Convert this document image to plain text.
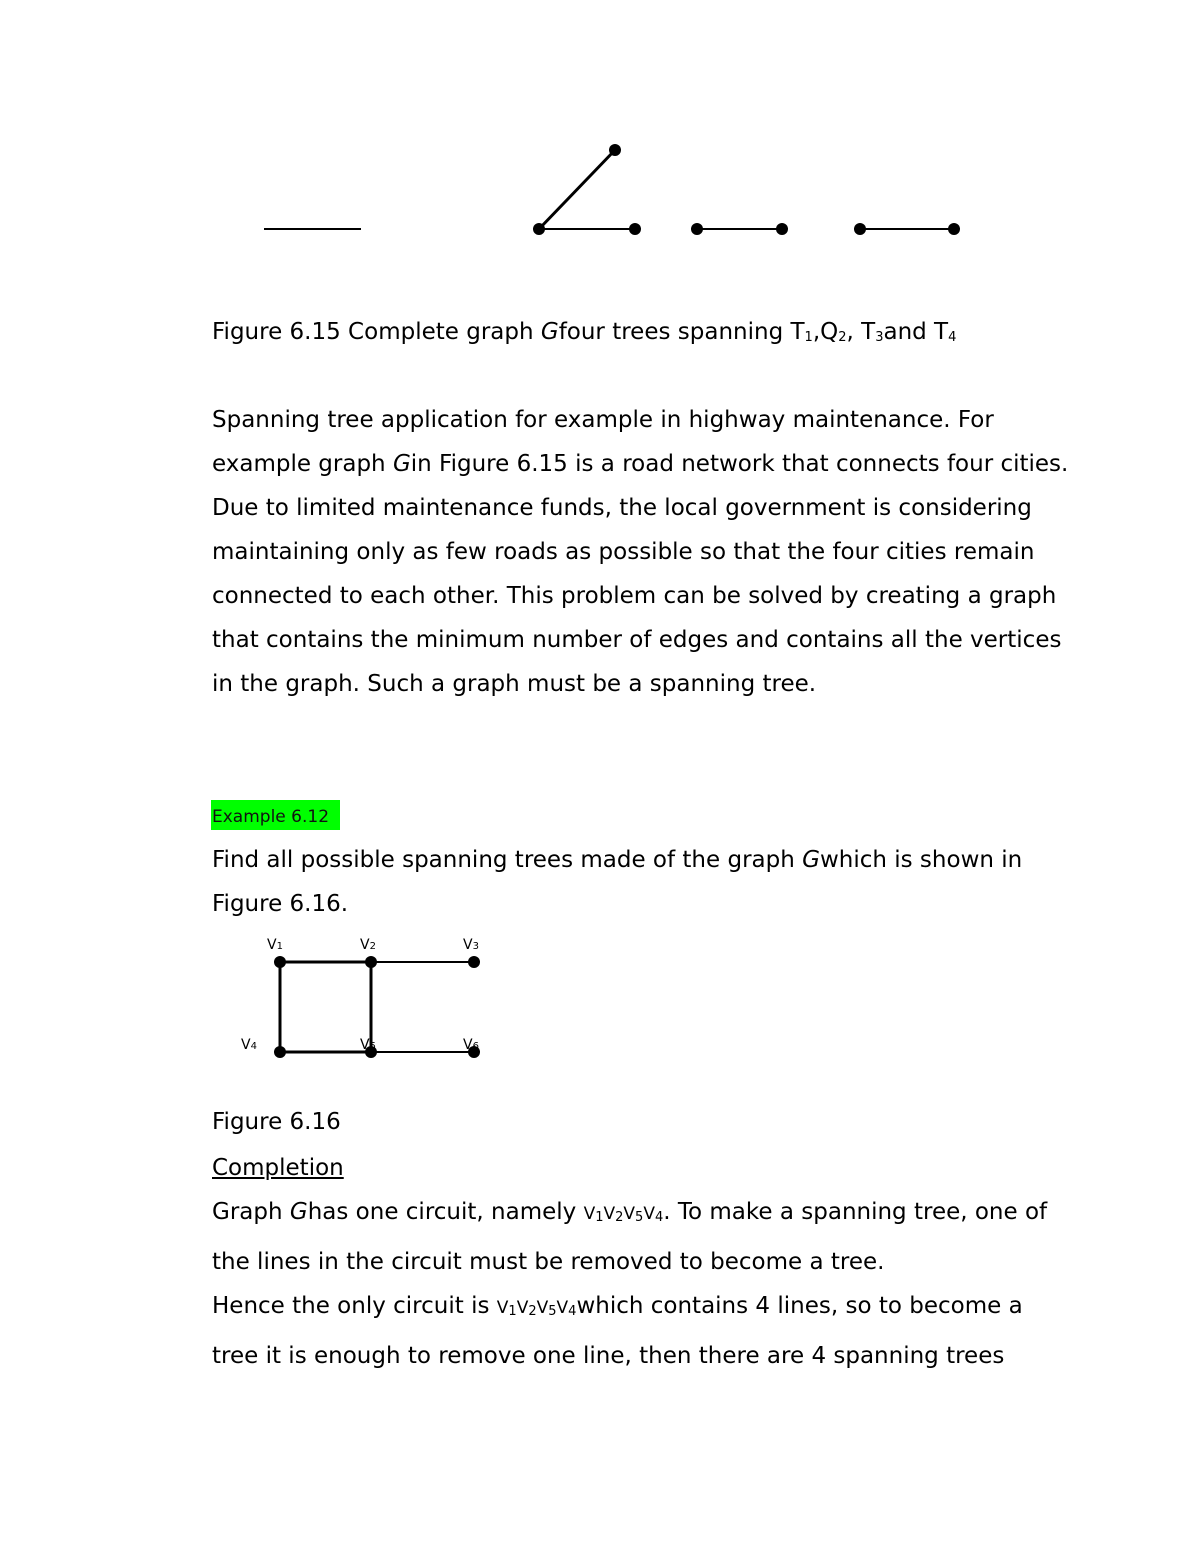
Figure 6.15 Complete graph Gfour trees spanning T1,Q2, T3and T4

Spanning tree application for example in highway maintenance. For

example graph Gin Figure 6.15 is a road network that connects four cities.

Due to limited maintenance funds, the local government is considering

maintaining only as few roads as possible so that the four cities remain

connected to each other. This problem can be solved by creating a graph

that contains the minimum number of edges and contains all the vertices

in the graph. Such a graph must be a spanning tree.

Example 6.12

Find all possible spanning trees made of the graph Gwhich is shown in

Figure 6.16.

V1	V2	V3
V4	V5	V6
Figure 6.16
Completion

Graph Ghas one circuit, namely V1V2V5V4. To make a spanning tree, one of

the lines in the circuit must be removed to become a tree.

Hence the only circuit is V1V2V5V4which contains 4 lines, so to become a

tree it is enough to remove one line, then there are 4 spanning trees
